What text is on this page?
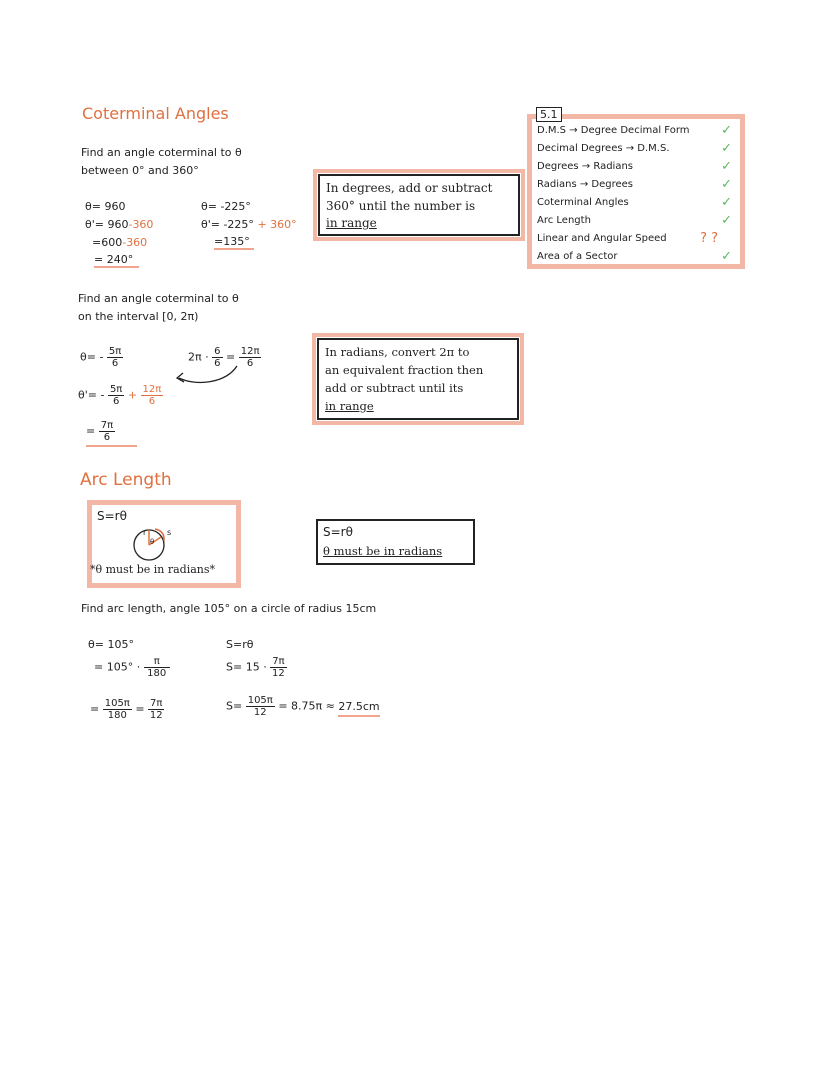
Coterminal Angles
Find an angle coterminal to θ
between 0° and 360°
θ= 960
θ'= 960-360
=600-360
= 240°
θ= -225°
θ'= -225° + 360°
=135°
In degrees, add or subtract
360° until the number is
in range
5.1
D.M.S → Degree Decimal Form ✓
Decimal Degrees → D.M.S.	✓
Degrees → Radians	✓
Radians → Degrees	✓
Coterminal Angles	✓
Arc Length	✓
Linear and Angular Speed	? ?
Area of a Sector	✓
Find an angle coterminal to θ
on the interval [0, 2π)
$\theta= - \frac{5\pi}{6}$	$2\pi \cdot \frac{6}{6} = \frac{12\pi}{6}$
$\theta'= - \frac{5\pi}{6} + \frac{12\pi}{6}$
= $\frac{7\pi}{6}$
In radians, convert 2π to
an equivalent fraction then
add or subtract until its
in range
Arc Length
S=rθ
r
θ
s
*θ must be in radians*
S=rθ
θ must be in radians
Find arc length, angle 105° on a circle of radius 15cm
θ= 105°
= $105^\circ \cdot \frac{\pi}{180}$
= $\frac{105\pi}{180} = \frac{7\pi}{12}$
S=rθ
$S= 15 \cdot \frac{7\pi}{12}$
$S= \frac{105\pi}{12} = 8.75\pi \approx 27.5cm$
